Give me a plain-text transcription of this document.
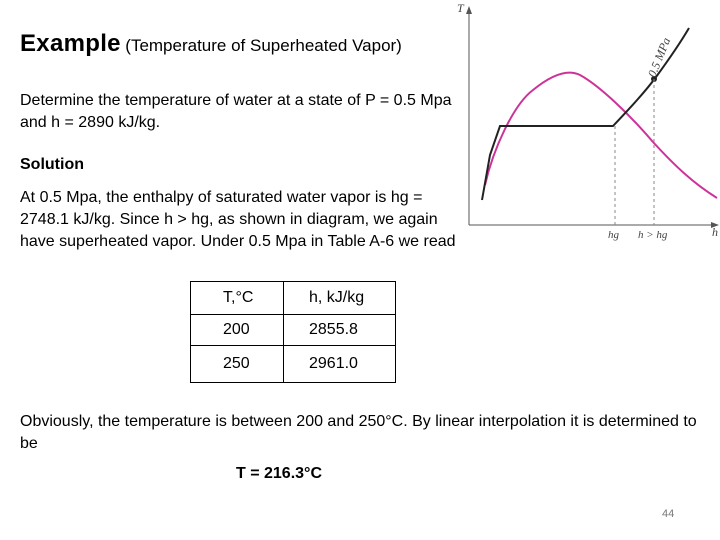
Example (Temperature of Superheated Vapor)
Determine the temperature of water at a state of P = 0.5 Mpa and h = 2890 kJ/kg.
Solution
At 0.5 Mpa, the enthalpy of saturated water vapor is hg = 2748.1 kJ/kg. Since h > hg, as shown in diagram, we again have superheated vapor. Under 0.5 Mpa in Table A-6 we read
T,°C	h, kJ/kg
200	2855.8
250	2961.0
Obviously, the temperature is between 200 and 250°C. By linear interpolation it is determined to be
T = 216.3°C
44
T
h
0.5 MPa
hg h > hg
